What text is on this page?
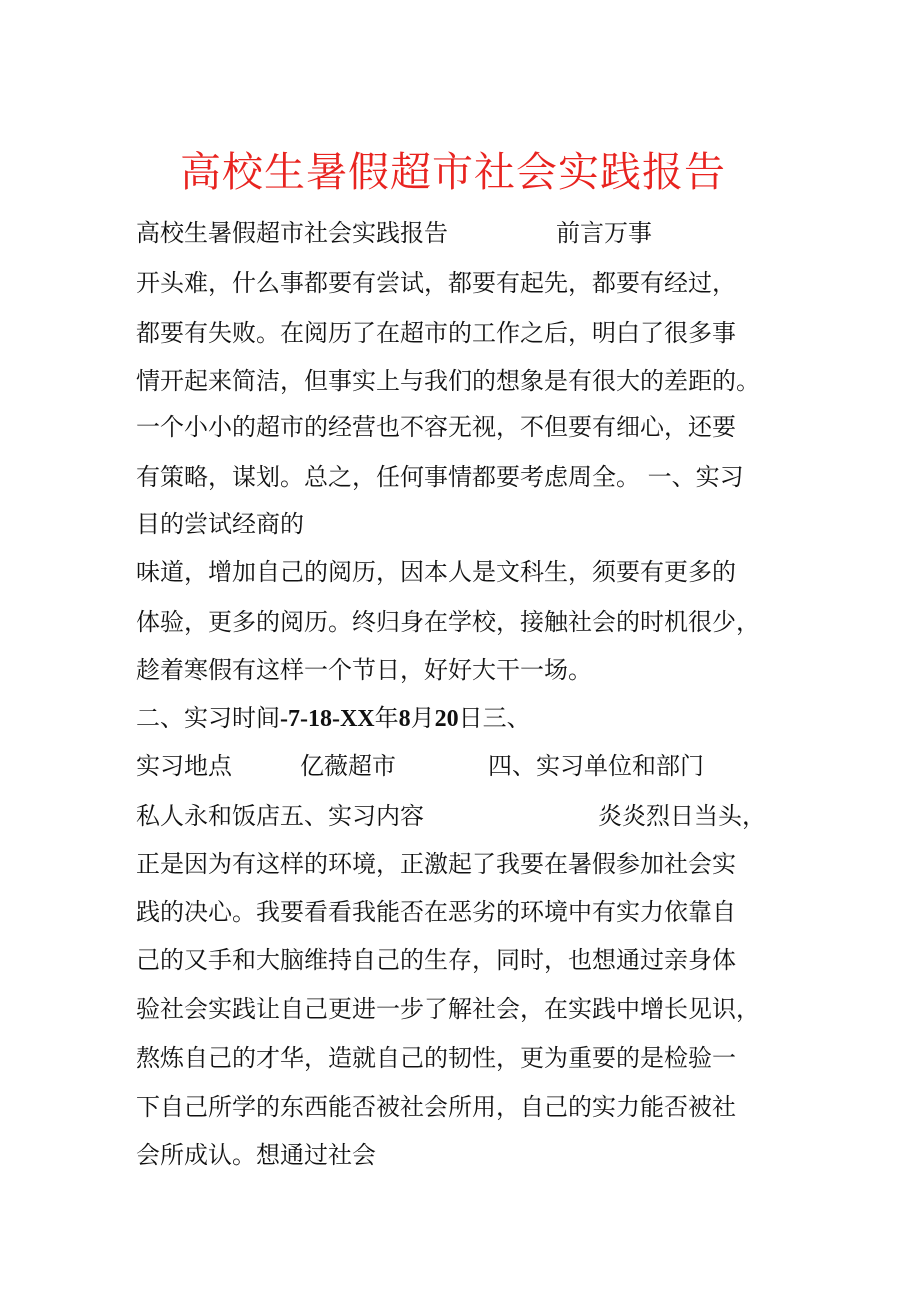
高校生暑假超市社会实践报告
高校生暑假超市社会实践报告	前言万事
开头难，什么事都要有尝试，都要有起先，都要有经过，
都要有失败。在阅历了在超市的工作之后，明白了很多事
情开起来简洁，但事实上与我们的想象是有很大的差距的。
一个小小的超市的经营也不容无视，不但要有细心，还要
有策略，谋划。总之，任何事情都要考虑周全。 一、实习
目的尝试经商的
味道，增加自己的阅历，因本人是文科生，须要有更多的
体验，更多的阅历。终归身在学校，接触社会的时机很少，
趁着寒假有这样一个节日，好好大干一场。
二、实习时间-7-18-XX年8月20日三、
实习地点	亿薇超市	四、实习单位和部门
私人永和饭店五、实习内容	炎炎烈日当头，
正是因为有这样的环境，正激起了我要在暑假参加社会实
践的决心。我要看看我能否在恶劣的环境中有实力依靠自
己的又手和大脑维持自己的生存，同时，也想通过亲身体
验社会实践让自己更进一步了解社会，在实践中增长见识，
熬炼自己的才华，造就自己的韧性，更为重要的是检验一
下自己所学的东西能否被社会所用，自己的实力能否被社
会所成认。想通过社会
